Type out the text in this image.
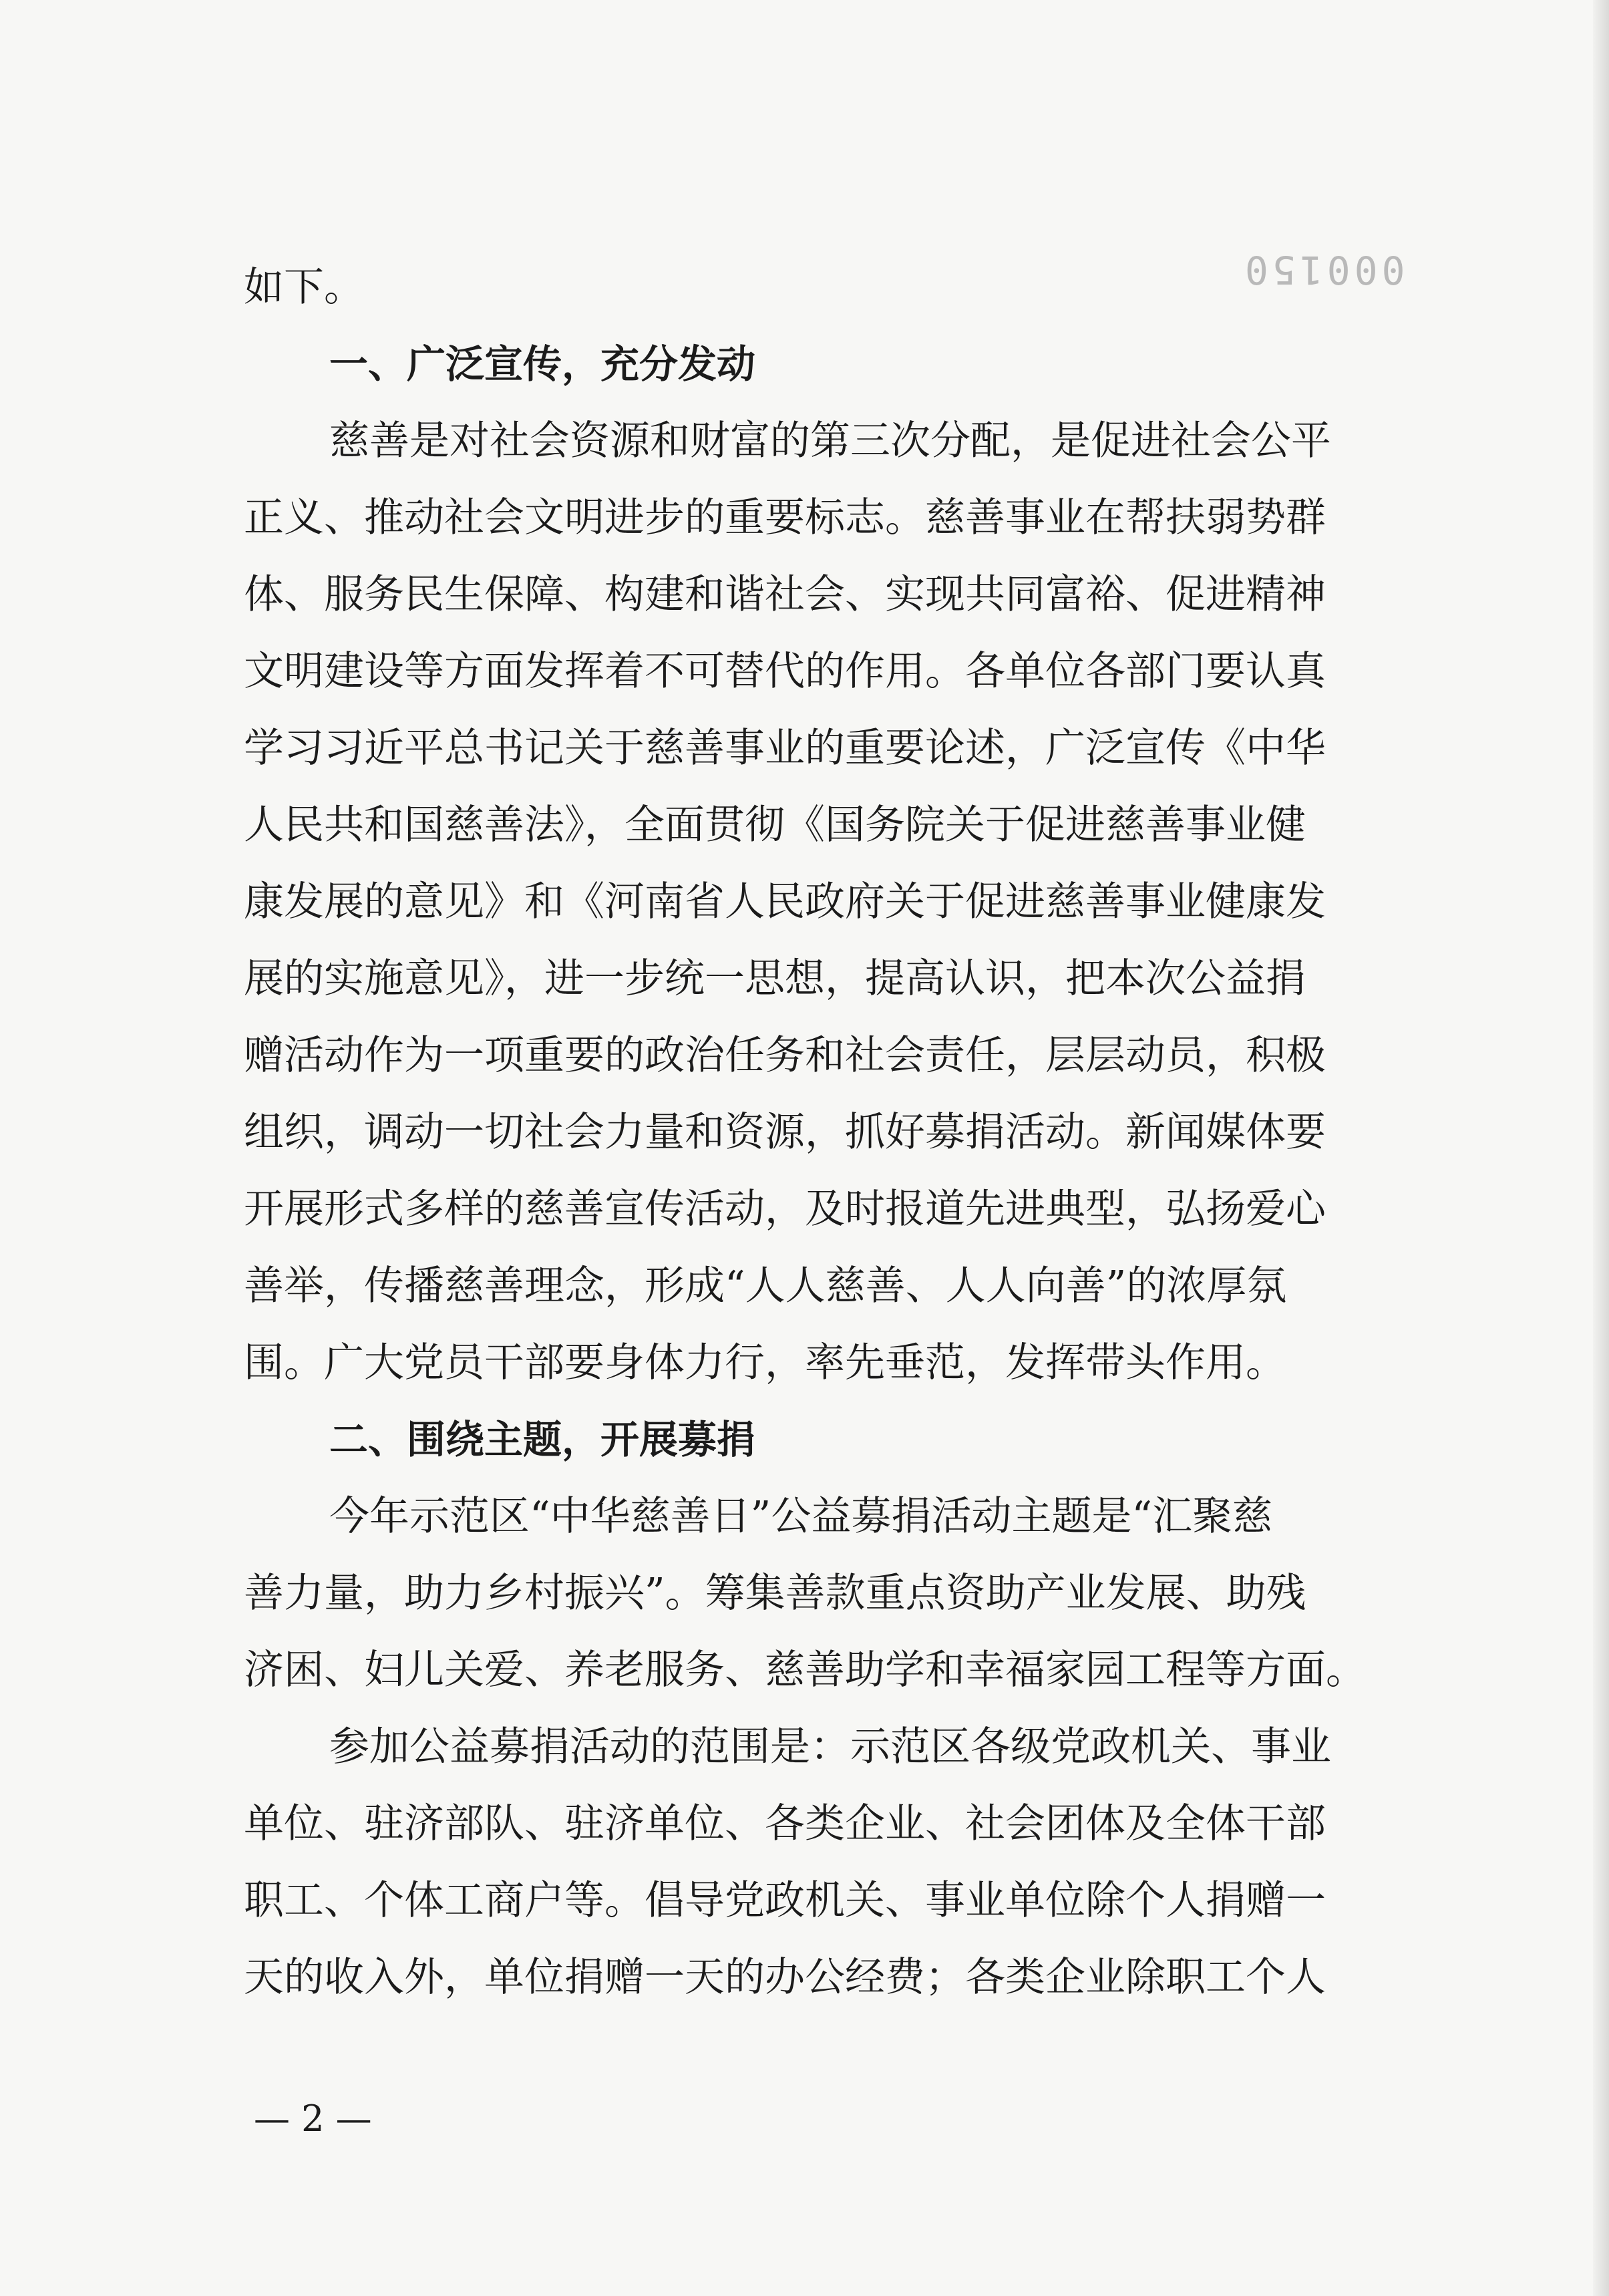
000150
如下。
一、广泛宣传，充分发动
慈善是对社会资源和财富的第三次分配，是促进社会公平
正义、推动社会文明进步的重要标志。慈善事业在帮扶弱势群
体、服务民生保障、构建和谐社会、实现共同富裕、促进精神
文明建设等方面发挥着不可替代的作用。各单位各部门要认真
学习习近平总书记关于慈善事业的重要论述，广泛宣传《中华
人民共和国慈善法》，全面贯彻《国务院关于促进慈善事业健
康发展的意见》和《河南省人民政府关于促进慈善事业健康发
展的实施意见》，进一步统一思想，提高认识，把本次公益捐
赠活动作为一项重要的政治任务和社会责任，层层动员，积极
组织，调动一切社会力量和资源，抓好募捐活动。新闻媒体要
开展形式多样的慈善宣传活动，及时报道先进典型，弘扬爱心
善举，传播慈善理念，形成“人人慈善、人人向善”的浓厚氛
围。广大党员干部要身体力行，率先垂范，发挥带头作用。
二、围绕主题，开展募捐
今年示范区“中华慈善日”公益募捐活动主题是“汇聚慈
善力量，助力乡村振兴”。筹集善款重点资助产业发展、助残
济困、妇儿关爱、养老服务、慈善助学和幸福家园工程等方面。
参加公益募捐活动的范围是：示范区各级党政机关、事业
单位、驻济部队、驻济单位、各类企业、社会团体及全体干部
职工、个体工商户等。倡导党政机关、事业单位除个人捐赠一
天的收入外，单位捐赠一天的办公经费；各类企业除职工个人
— 2 —
